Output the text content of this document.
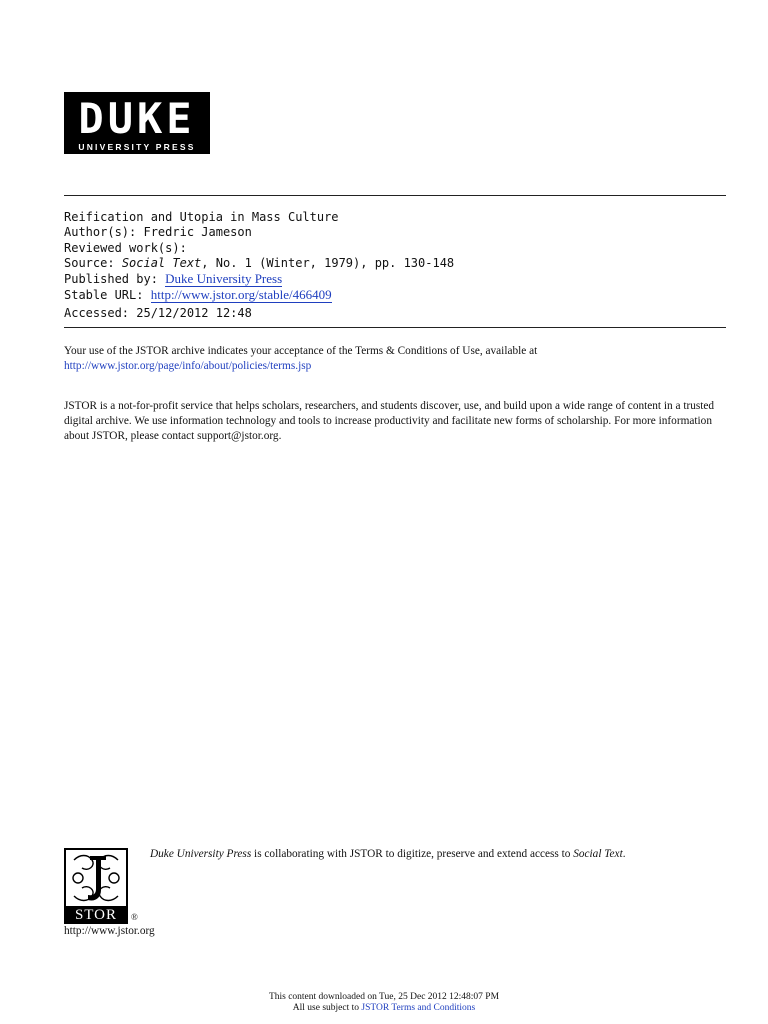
DUKE
UNIVERSITY PRESS
Reification and Utopia in Mass Culture
Author(s): Fredric Jameson
Reviewed work(s):
Source: Social Text, No. 1 (Winter, 1979), pp. 130-148
Published by: Duke University Press
Stable URL: http://www.jstor.org/stable/466409
Accessed: 25/12/2012 12:48
Your use of the JSTOR archive indicates your acceptance of the Terms & Conditions of Use, available at
http://www.jstor.org/page/info/about/policies/terms.jsp
JSTOR is a not-for-profit service that helps scholars, researchers, and students discover, use, and build upon a wide range of content in a trusted digital archive. We use information technology and tools to increase productivity and facilitate new forms of scholarship. For more information about JSTOR, please contact support@jstor.org.
STOR	®
Duke University Press is collaborating with JSTOR to digitize, preserve and extend access to Social Text.
http://www.jstor.org
This content downloaded on Tue, 25 Dec 2012 12:48:07 PM
All use subject to JSTOR Terms and Conditions
